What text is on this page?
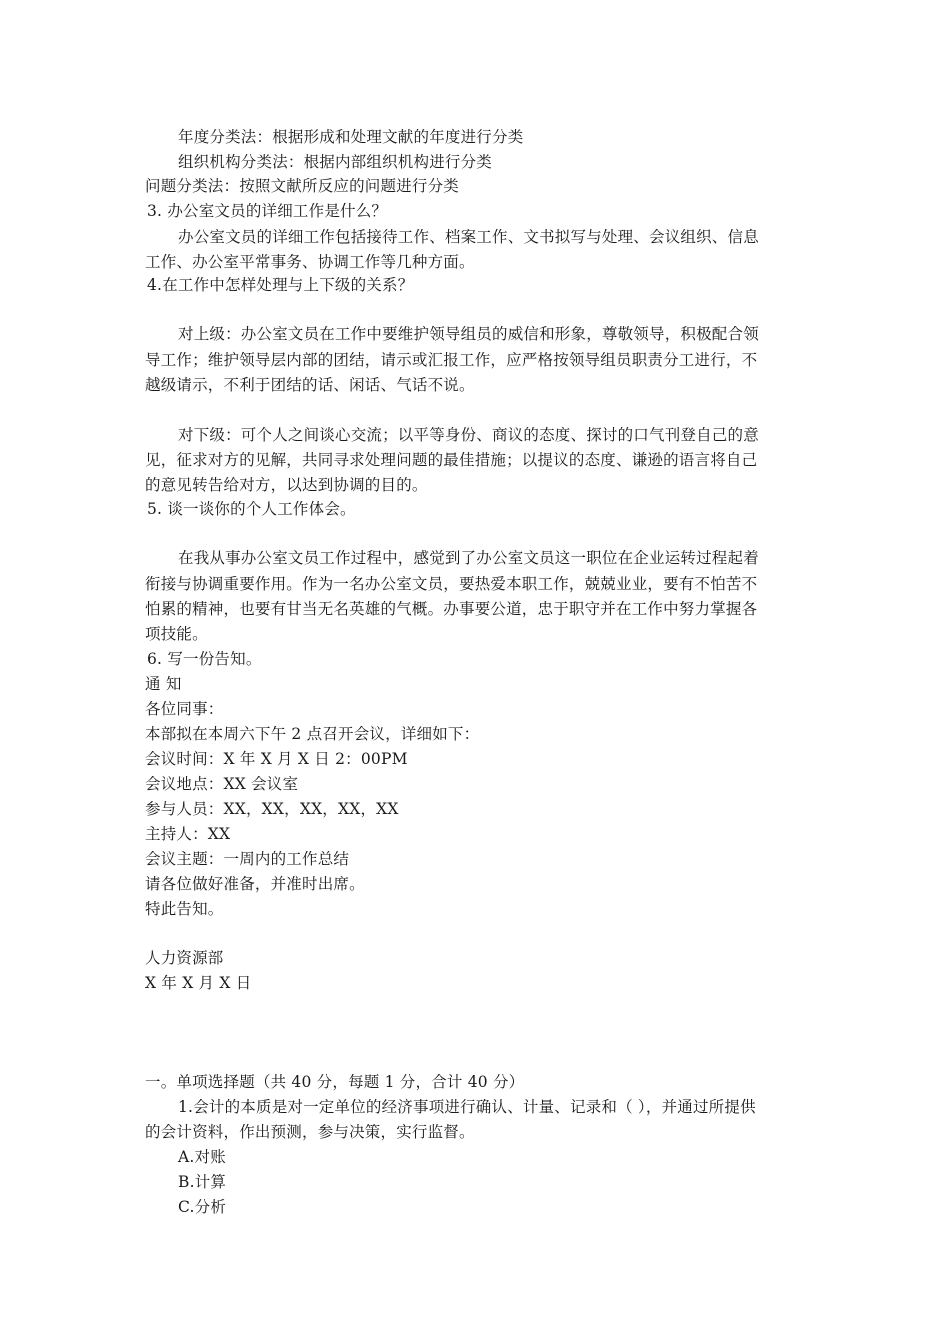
年度分类法：根据形成和处理文献的年度进行分类
组织机构分类法：根据内部组织机构进行分类
问题分类法：按照文献所反应的问题进行分类
3. 办公室文员的详细工作是什么？
办公室文员的详细工作包括接待工作、档案工作、文书拟写与处理、会议组织、信息
工作、办公室平常事务、协调工作等几种方面。
4.在工作中怎样处理与上下级的关系？
对上级：办公室文员在工作中要维护领导组员的威信和形象，尊敬领导，积极配合领
导工作；维护领导层内部的团结，请示或汇报工作，应严格按领导组员职责分工进行，不
越级请示，不利于团结的话、闲话、气话不说。
对下级：可个人之间谈心交流；以平等身份、商议的态度、探讨的口气刊登自己的意
见，征求对方的见解，共同寻求处理问题的最佳措施；以提议的态度、谦逊的语言将自己
的意见转告给对方，以达到协调的目的。
5. 谈一谈你的个人工作体会。
在我从事办公室文员工作过程中，感觉到了办公室文员这一职位在企业运转过程起着
衔接与协调重要作用。作为一名办公室文员，要热爱本职工作，兢兢业业，要有不怕苦不
怕累的精神，也要有甘当无名英雄的气概。办事要公道，忠于职守并在工作中努力掌握各
项技能。
6. 写一份告知。
通 知
各位同事：
本部拟在本周六下午 2 点召开会议，详细如下：
会议时间：X 年 X 月 X 日 2：00PM
会议地点：XX 会议室
参与人员：XX，XX，XX，XX，XX
主持人：XX
会议主题：一周内的工作总结
请各位做好准备，并准时出席。
特此告知。
人力资源部
X 年 X 月 X 日
一。单项选择题（共 40 分，每题 1 分，合计 40 分）
1.会计的本质是对一定单位的经济事项进行确认、计量、记录和（ ），并通过所提供
的会计资料，作出预测，参与决策，实行监督。
A.对账
B.计算
C.分析
